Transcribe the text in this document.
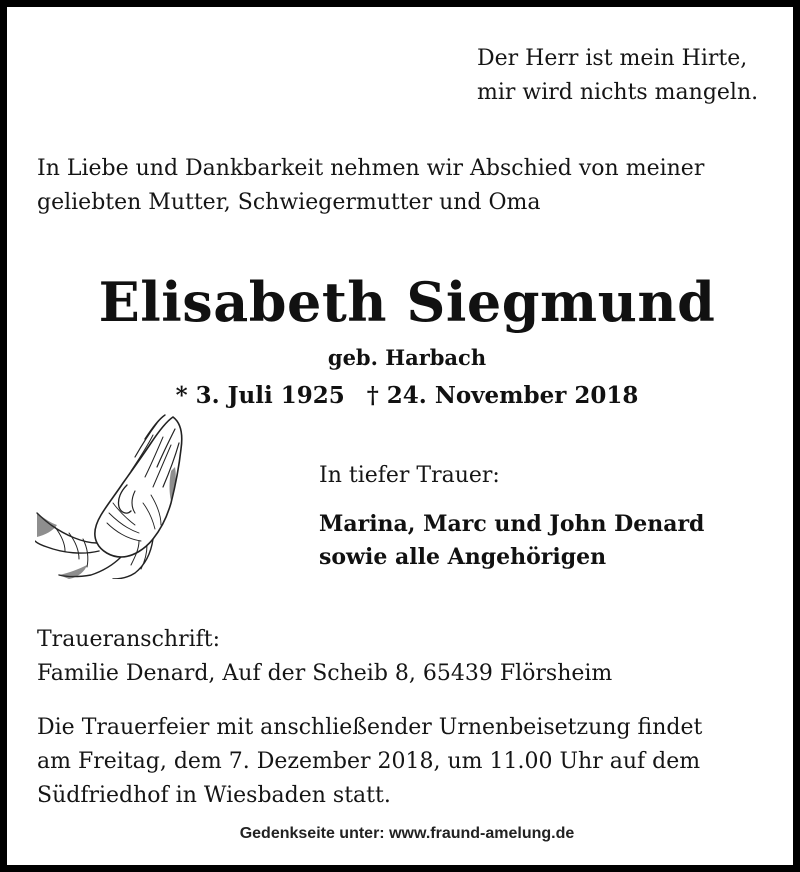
Der Herr ist mein Hirte,
mir wird nichts mangeln.
In Liebe und Dankbarkeit nehmen wir Abschied von meiner
geliebten Mutter, Schwiegermutter und Oma
Elisabeth Siegmund
geb. Harbach
* 3. Juli 1925 † 24. November 2018
In tiefer Trauer:
Marina, Marc und John Denard
sowie alle Angehörigen
Traueranschrift:
Familie Denard, Auf der Scheib 8, 65439 Flörsheim
Die Trauerfeier mit anschließender Urnenbeisetzung findet
am Freitag, dem 7. Dezember 2018, um 11.00 Uhr auf dem
Südfriedhof in Wiesbaden statt.
Gedenkseite unter: www.fraund-amelung.de
